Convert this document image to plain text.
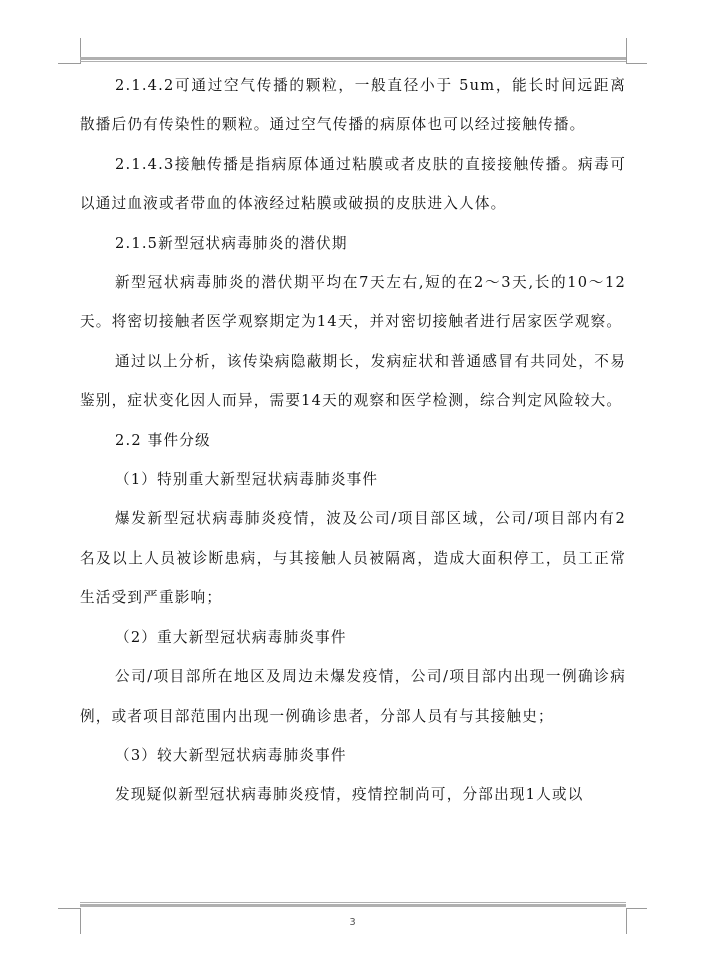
2.1.4.2可通过空气传播的颗粒，一般直径小于 5um，能长时间远距离散播后仍有传染性的颗粒。通过空气传播的病原体也可以经过接触传播。

2.1.4.3接触传播是指病原体通过粘膜或者皮肤的直接接触传播。病毒可以通过血液或者带血的体液经过粘膜或破损的皮肤进入人体。

2.1.5新型冠状病毒肺炎的潜伏期

新型冠状病毒肺炎的潜伏期平均在7天左右,短的在2～3天,长的10～12天。将密切接触者医学观察期定为14天，并对密切接触者进行居家医学观察。

通过以上分析，该传染病隐蔽期长，发病症状和普通感冒有共同处，不易鉴别，症状变化因人而异，需要14天的观察和医学检测，综合判定风险较大。

2.2 事件分级

（1）特别重大新型冠状病毒肺炎事件

爆发新型冠状病毒肺炎疫情，波及公司/项目部区域，公司/项目部内有2名及以上人员被诊断患病，与其接触人员被隔离，造成大面积停工，员工正常生活受到严重影响；

（2）重大新型冠状病毒肺炎事件

公司/项目部所在地区及周边未爆发疫情，公司/项目部内出现一例确诊病例，或者项目部范围内出现一例确诊患者，分部人员有与其接触史；

（3）较大新型冠状病毒肺炎事件

发现疑似新型冠状病毒肺炎疫情，疫情控制尚可，分部出现1人或以

3
